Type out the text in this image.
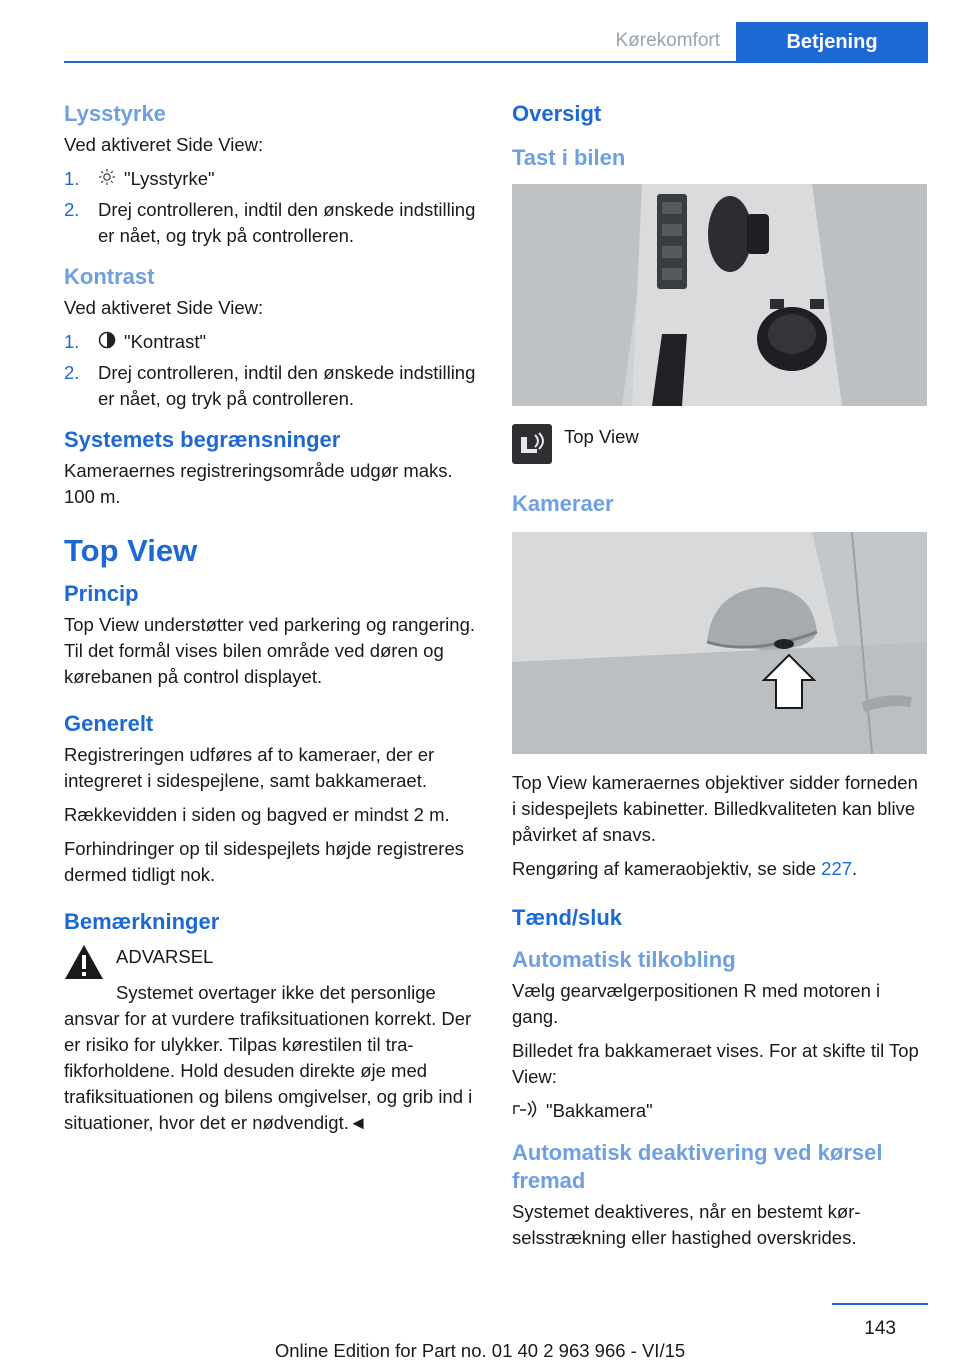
Kørekomfort	Betjening
Lysstyrke

Ved aktiveret Side View:

1. "Lysstyrke"
2. Drej controlleren, indtil den ønskede indstilling er nået, og tryk på controlleren.
Kontrast

Ved aktiveret Side View:

1. "Kontrast"
2. Drej controlleren, indtil den ønskede indstilling er nået, og tryk på controlleren.
Systemets begrænsninger

Kameraernes registreringsområde udgør maks. 100 m.

Top View
Princip

Top View understøtter ved parkering og rangering. Til det formål vises bilen område ved døren og kørebanen på control displayet.

Generelt

Registreringen udføres af to kameraer, der er integreret i sidespejlene, samt bakkameraet.

Rækkevidden i siden og bagved er mindst 2 m.

Forhindringer op til sidespejlets højde registreres dermed tidligt nok.

Bemærkninger

ADVARSEL

Systemet overtager ikke det personlige ansvar for at vurdere trafiksituationen korrekt. Der er risiko for ulykker. Tilpas kørestilen til trafikforholdene. Hold desuden direkte øje med trafiksituationen og bilens omgivelser, og grib ind i situationer, hvor det er nødvendigt.◄

Oversigt
Tast i bilen
Top View
Kameraer

Top View kameraernes objektiver sidder forneden i sidespejlets kabinetter. Billedkvaliteten kan blive påvirket af snavs.

Rengøring af kameraobjektiv, se side 227.

Tænd/sluk
Automatisk tilkobling

Vælg gearvælgerpositionen R med motoren i gang.

Billedet fra bakkameraet vises. For at skifte til Top View:

"Bakkamera"

Automatisk deaktivering ved kørsel fremad

Systemet deaktiveres, når en bestemt kørselsstrækning eller hastighed overskrides.

143
Online Edition for Part no. 01 40 2 963 966 - VI/15
